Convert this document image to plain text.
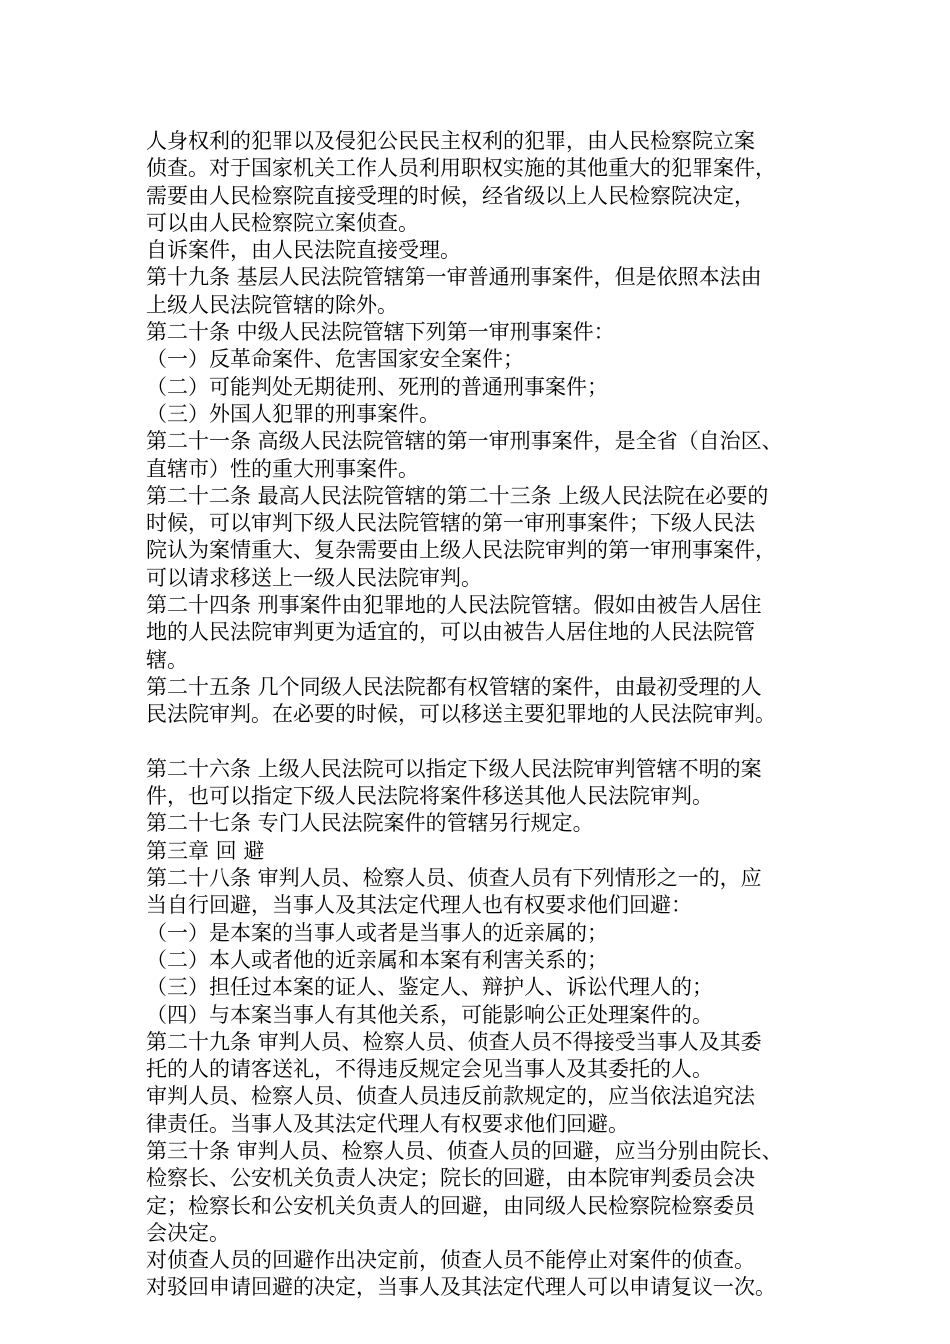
人身权利的犯罪以及侵犯公民民主权利的犯罪，由人民检察院立案
侦查。对于国家机关工作人员利用职权实施的其他重大的犯罪案件，
需要由人民检察院直接受理的时候，经省级以上人民检察院决定，
可以由人民检察院立案侦查。
自诉案件，由人民法院直接受理。
第十九条 基层人民法院管辖第一审普通刑事案件，但是依照本法由
上级人民法院管辖的除外。
第二十条 中级人民法院管辖下列第一审刑事案件：
（一）反革命案件、危害国家安全案件；
（二）可能判处无期徒刑、死刑的普通刑事案件；
（三）外国人犯罪的刑事案件。
第二十一条 高级人民法院管辖的第一审刑事案件，是全省（自治区、
直辖市）性的重大刑事案件。
第二十二条 最高人民法院管辖的第二十三条 上级人民法院在必要的
时候，可以审判下级人民法院管辖的第一审刑事案件；下级人民法
院认为案情重大、复杂需要由上级人民法院审判的第一审刑事案件，
可以请求移送上一级人民法院审判。
第二十四条 刑事案件由犯罪地的人民法院管辖。假如由被告人居住
地的人民法院审判更为适宜的，可以由被告人居住地的人民法院管
辖。
第二十五条 几个同级人民法院都有权管辖的案件，由最初受理的人
民法院审判。在必要的时候，可以移送主要犯罪地的人民法院审判。
第二十六条 上级人民法院可以指定下级人民法院审判管辖不明的案
件，也可以指定下级人民法院将案件移送其他人民法院审判。
第二十七条 专门人民法院案件的管辖另行规定。
第三章 回 避
第二十八条 审判人员、检察人员、侦查人员有下列情形之一的，应
当自行回避，当事人及其法定代理人也有权要求他们回避：
（一）是本案的当事人或者是当事人的近亲属的；
（二）本人或者他的近亲属和本案有利害关系的；
（三）担任过本案的证人、鉴定人、辩护人、诉讼代理人的；
（四）与本案当事人有其他关系，可能影响公正处理案件的。
第二十九条 审判人员、检察人员、侦查人员不得接受当事人及其委
托的人的请客送礼，不得违反规定会见当事人及其委托的人。
审判人员、检察人员、侦查人员违反前款规定的，应当依法追究法
律责任。当事人及其法定代理人有权要求他们回避。
第三十条 审判人员、检察人员、侦查人员的回避，应当分别由院长、
检察长、公安机关负责人决定；院长的回避，由本院审判委员会决
定；检察长和公安机关负责人的回避，由同级人民检察院检察委员
会决定。
对侦查人员的回避作出决定前，侦查人员不能停止对案件的侦查。
对驳回申请回避的决定，当事人及其法定代理人可以申请复议一次。
